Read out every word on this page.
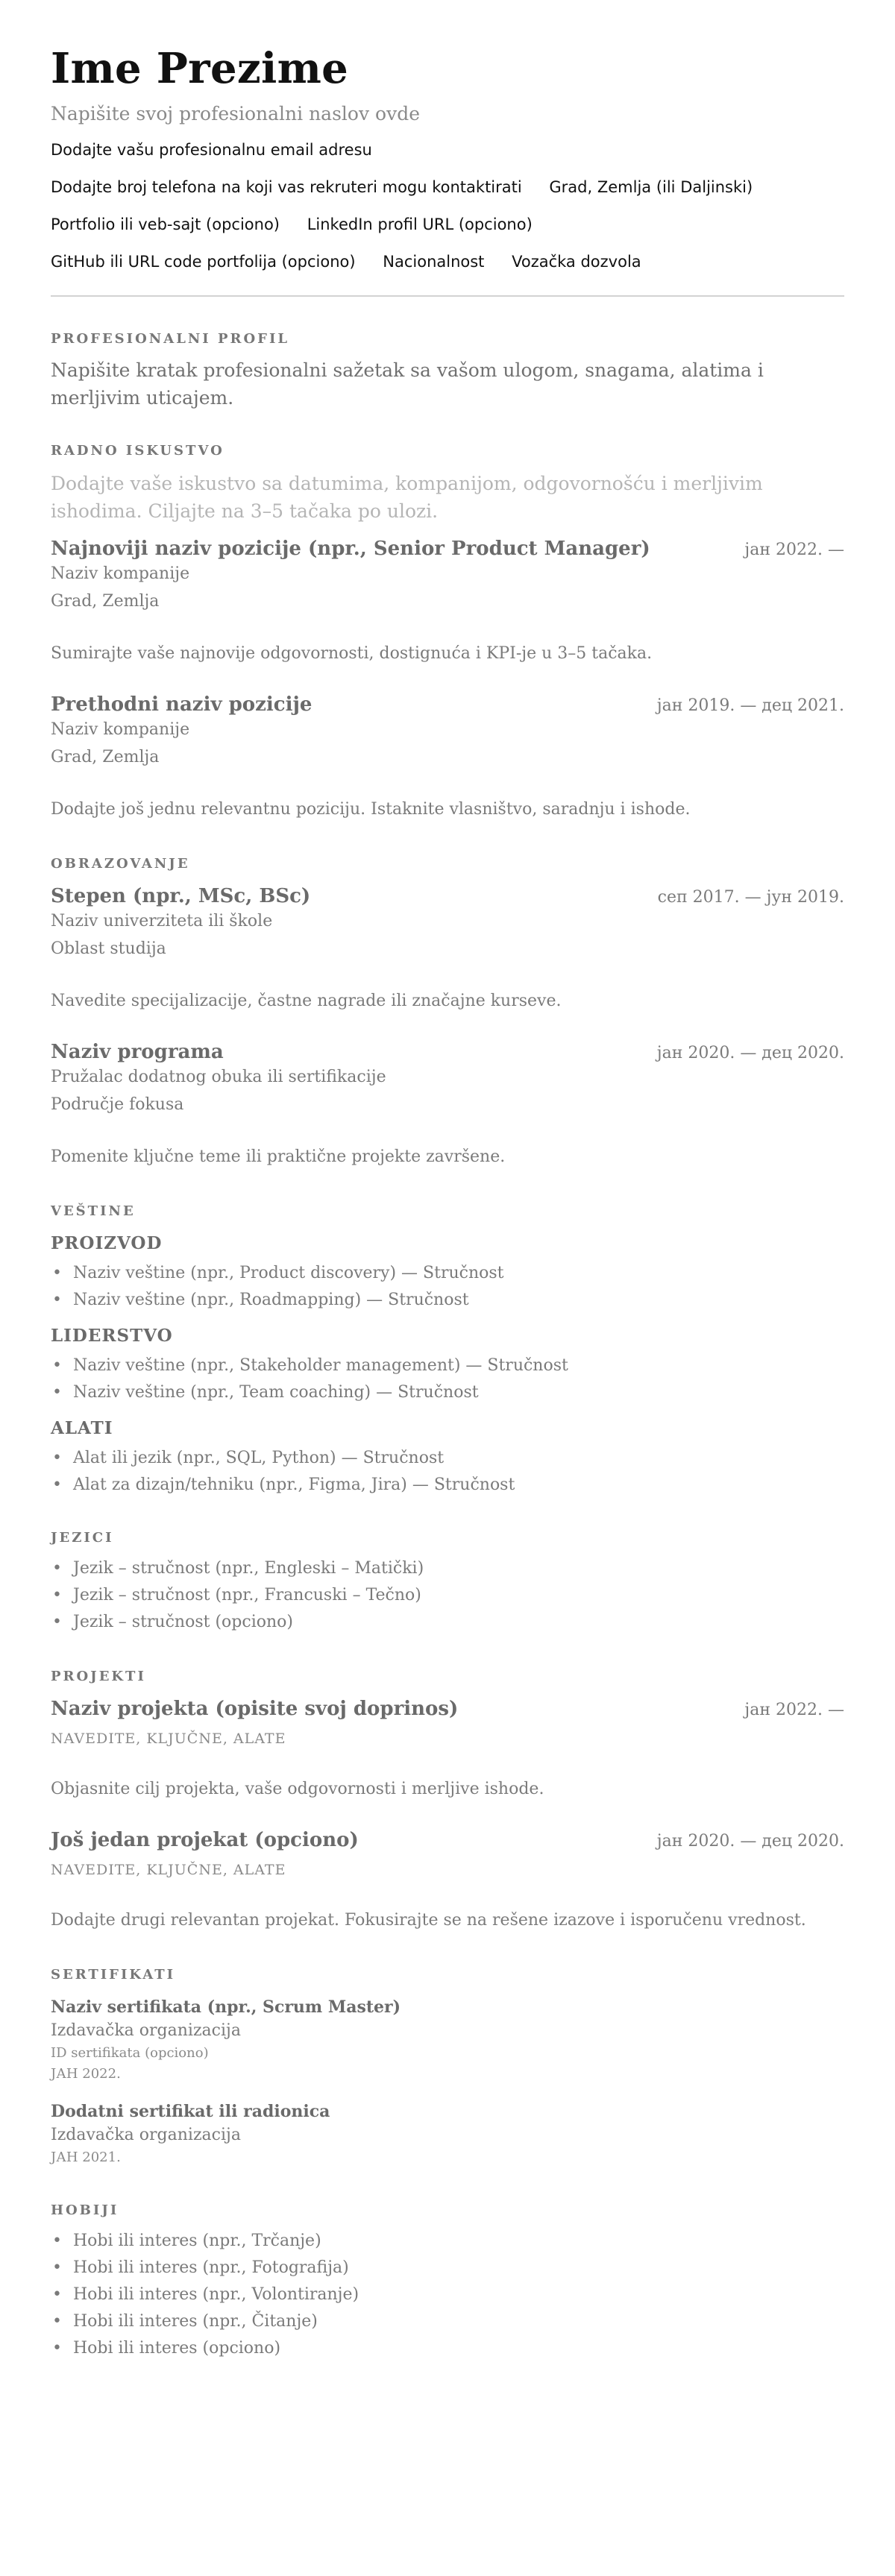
Ime Prezime
Napišite svoj profesionalni naslov ovde
Dodajte vašu profesionalnu email adresu
Dodajte broj telefona na koji vas rekruteri mogu kontaktirati Grad, Zemlja (ili Daljinski)
Portfolio ili veb-sajt (opciono) LinkedIn profil URL (opciono)
GitHub ili URL code portfolija (opciono) Nacionalnost Vozačka dozvola
PROFESIONALNI PROFIL
Napišite kratak profesionalni sažetak sa vašom ulogom, snagama, alatima i merljivim uticajem.
RADNO ISKUSTVO
Dodajte vaše iskustvo sa datumima, kompanijom, odgovornošću i merljivim ishodima. Ciljajte na 3–5 tačaka po ulozi.
Najnoviji naziv pozicije (npr., Senior Product Manager)	јан 2022. —
Naziv kompanije
Grad, Zemlja
Sumirajte vaše najnovije odgovornosti, dostignuća i KPI-je u 3–5 tačaka.
Prethodni naziv pozicije	јан 2019. — дец 2021.
Naziv kompanije
Grad, Zemlja
Dodajte još jednu relevantnu poziciju. Istaknite vlasništvo, saradnju i ishode.
OBRAZOVANJE
Stepen (npr., MSc, BSc)	сеп 2017. — јун 2019.
Naziv univerziteta ili škole
Oblast studija
Navedite specijalizacije, častne nagrade ili značajne kurseve.
Naziv programa	јан 2020. — дец 2020.
Pružalac dodatnog obuka ili sertifikacije
Područje fokusa
Pomenite ključne teme ili praktične projekte završene.
VEŠTINE
PROIZVOD
• Naziv veštine (npr., Product discovery) — Stručnost
• Naziv veštine (npr., Roadmapping) — Stručnost
LIDERSTVO
• Naziv veštine (npr., Stakeholder management) — Stručnost
• Naziv veštine (npr., Team coaching) — Stručnost
ALATI
• Alat ili jezik (npr., SQL, Python) — Stručnost
• Alat za dizajn/tehniku (npr., Figma, Jira) — Stručnost
JEZICI
• Jezik – stručnost (npr., Engleski – Matički)
• Jezik – stručnost (npr., Francuski – Tečno)
• Jezik – stručnost (opciono)
PROJEKTI
Naziv projekta (opisite svoj doprinos)	јан 2022. —
NAVEDITE, KLJUČNE, ALATE
Objasnite cilj projekta, vaše odgovornosti i merljive ishode.
Još jedan projekat (opciono)	јан 2020. — дец 2020.
NAVEDITE, KLJUČNE, ALATE
Dodajte drugi relevantan projekat. Fokusirajte se na rešene izazove i isporučenu vrednost.
SERTIFIKATI
Naziv sertifikata (npr., Scrum Master)
Izdavačka organizacija
ID sertifikata (opciono)
ЈАН 2022.
Dodatni sertifikat ili radionica
Izdavačka organizacija
ЈАН 2021.
HOBIJI
• Hobi ili interes (npr., Trčanje)
• Hobi ili interes (npr., Fotografija)
• Hobi ili interes (npr., Volontiranje)
• Hobi ili interes (npr., Čitanje)
• Hobi ili interes (opciono)
